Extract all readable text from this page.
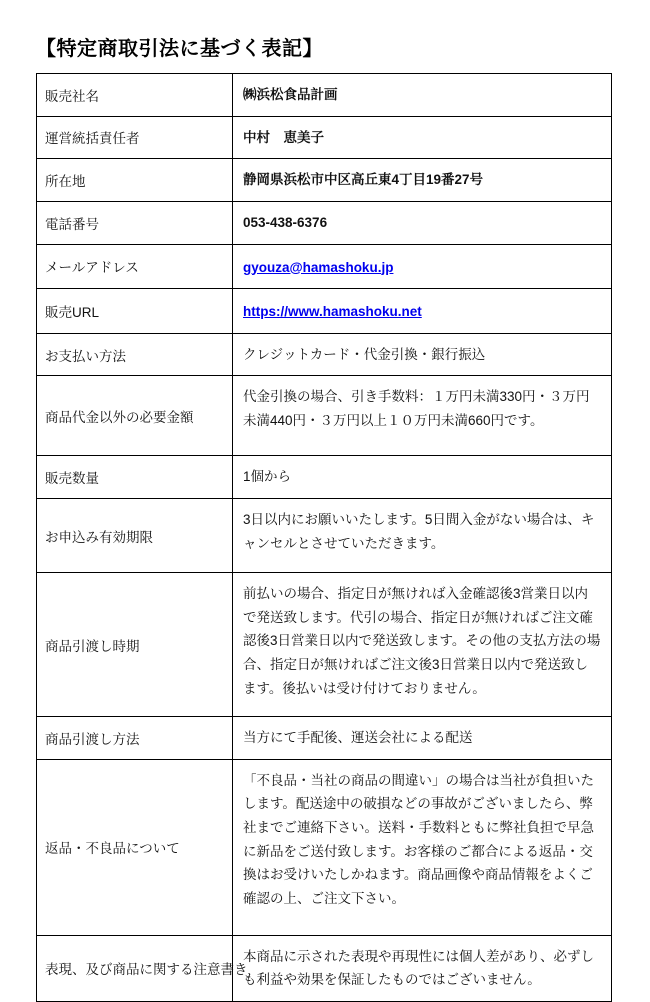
【特定商取引法に基づく表記】
販売社名	㈱浜松食品計画
運営統括責任者	中村　恵美子
所在地	静岡県浜松市中区高丘東4丁目19番27号
電話番号	053-438-6376
メールアドレス	gyouza@hamashoku.jp
販売URL	https://www.hamashoku.net
お支払い方法	クレジットカード・代金引換・銀行振込
商品代金以外の必要金額	代金引換の場合、引き手数料：１万円未満330円・３万円未満440円・３万円以上１０万円未満660円です。
販売数量	1個から
お申込み有効期限	3日以内にお願いいたします。5日間入金がない場合は、キャンセルとさせていただきます。
商品引渡し時期	前払いの場合、指定日が無ければ入金確認後3営業日以内で発送致します。代引の場合、指定日が無ければご注文確認後3日営業日以内で発送致します。その他の支払方法の場合、指定日が無ければご注文後3日営業日以内で発送致します。後払いは受け付けておりません。
商品引渡し方法	当方にて手配後、運送会社による配送
返品・不良品について	「不良品・当社の商品の間違い」の場合は当社が負担いたします。配送途中の破損などの事故がございましたら、弊社までご連絡下さい。送料・手数料ともに弊社負担で早急に新品をご送付致します。お客様のご都合による返品・交換はお受けいたしかねます。商品画像や商品情報をよくご確認の上、ご注文下さい。

表現、及び商品に関する注意書き	本商品に示された表現や再現性には個人差があり、必ずしも利益や効果を保証したものではございません。
